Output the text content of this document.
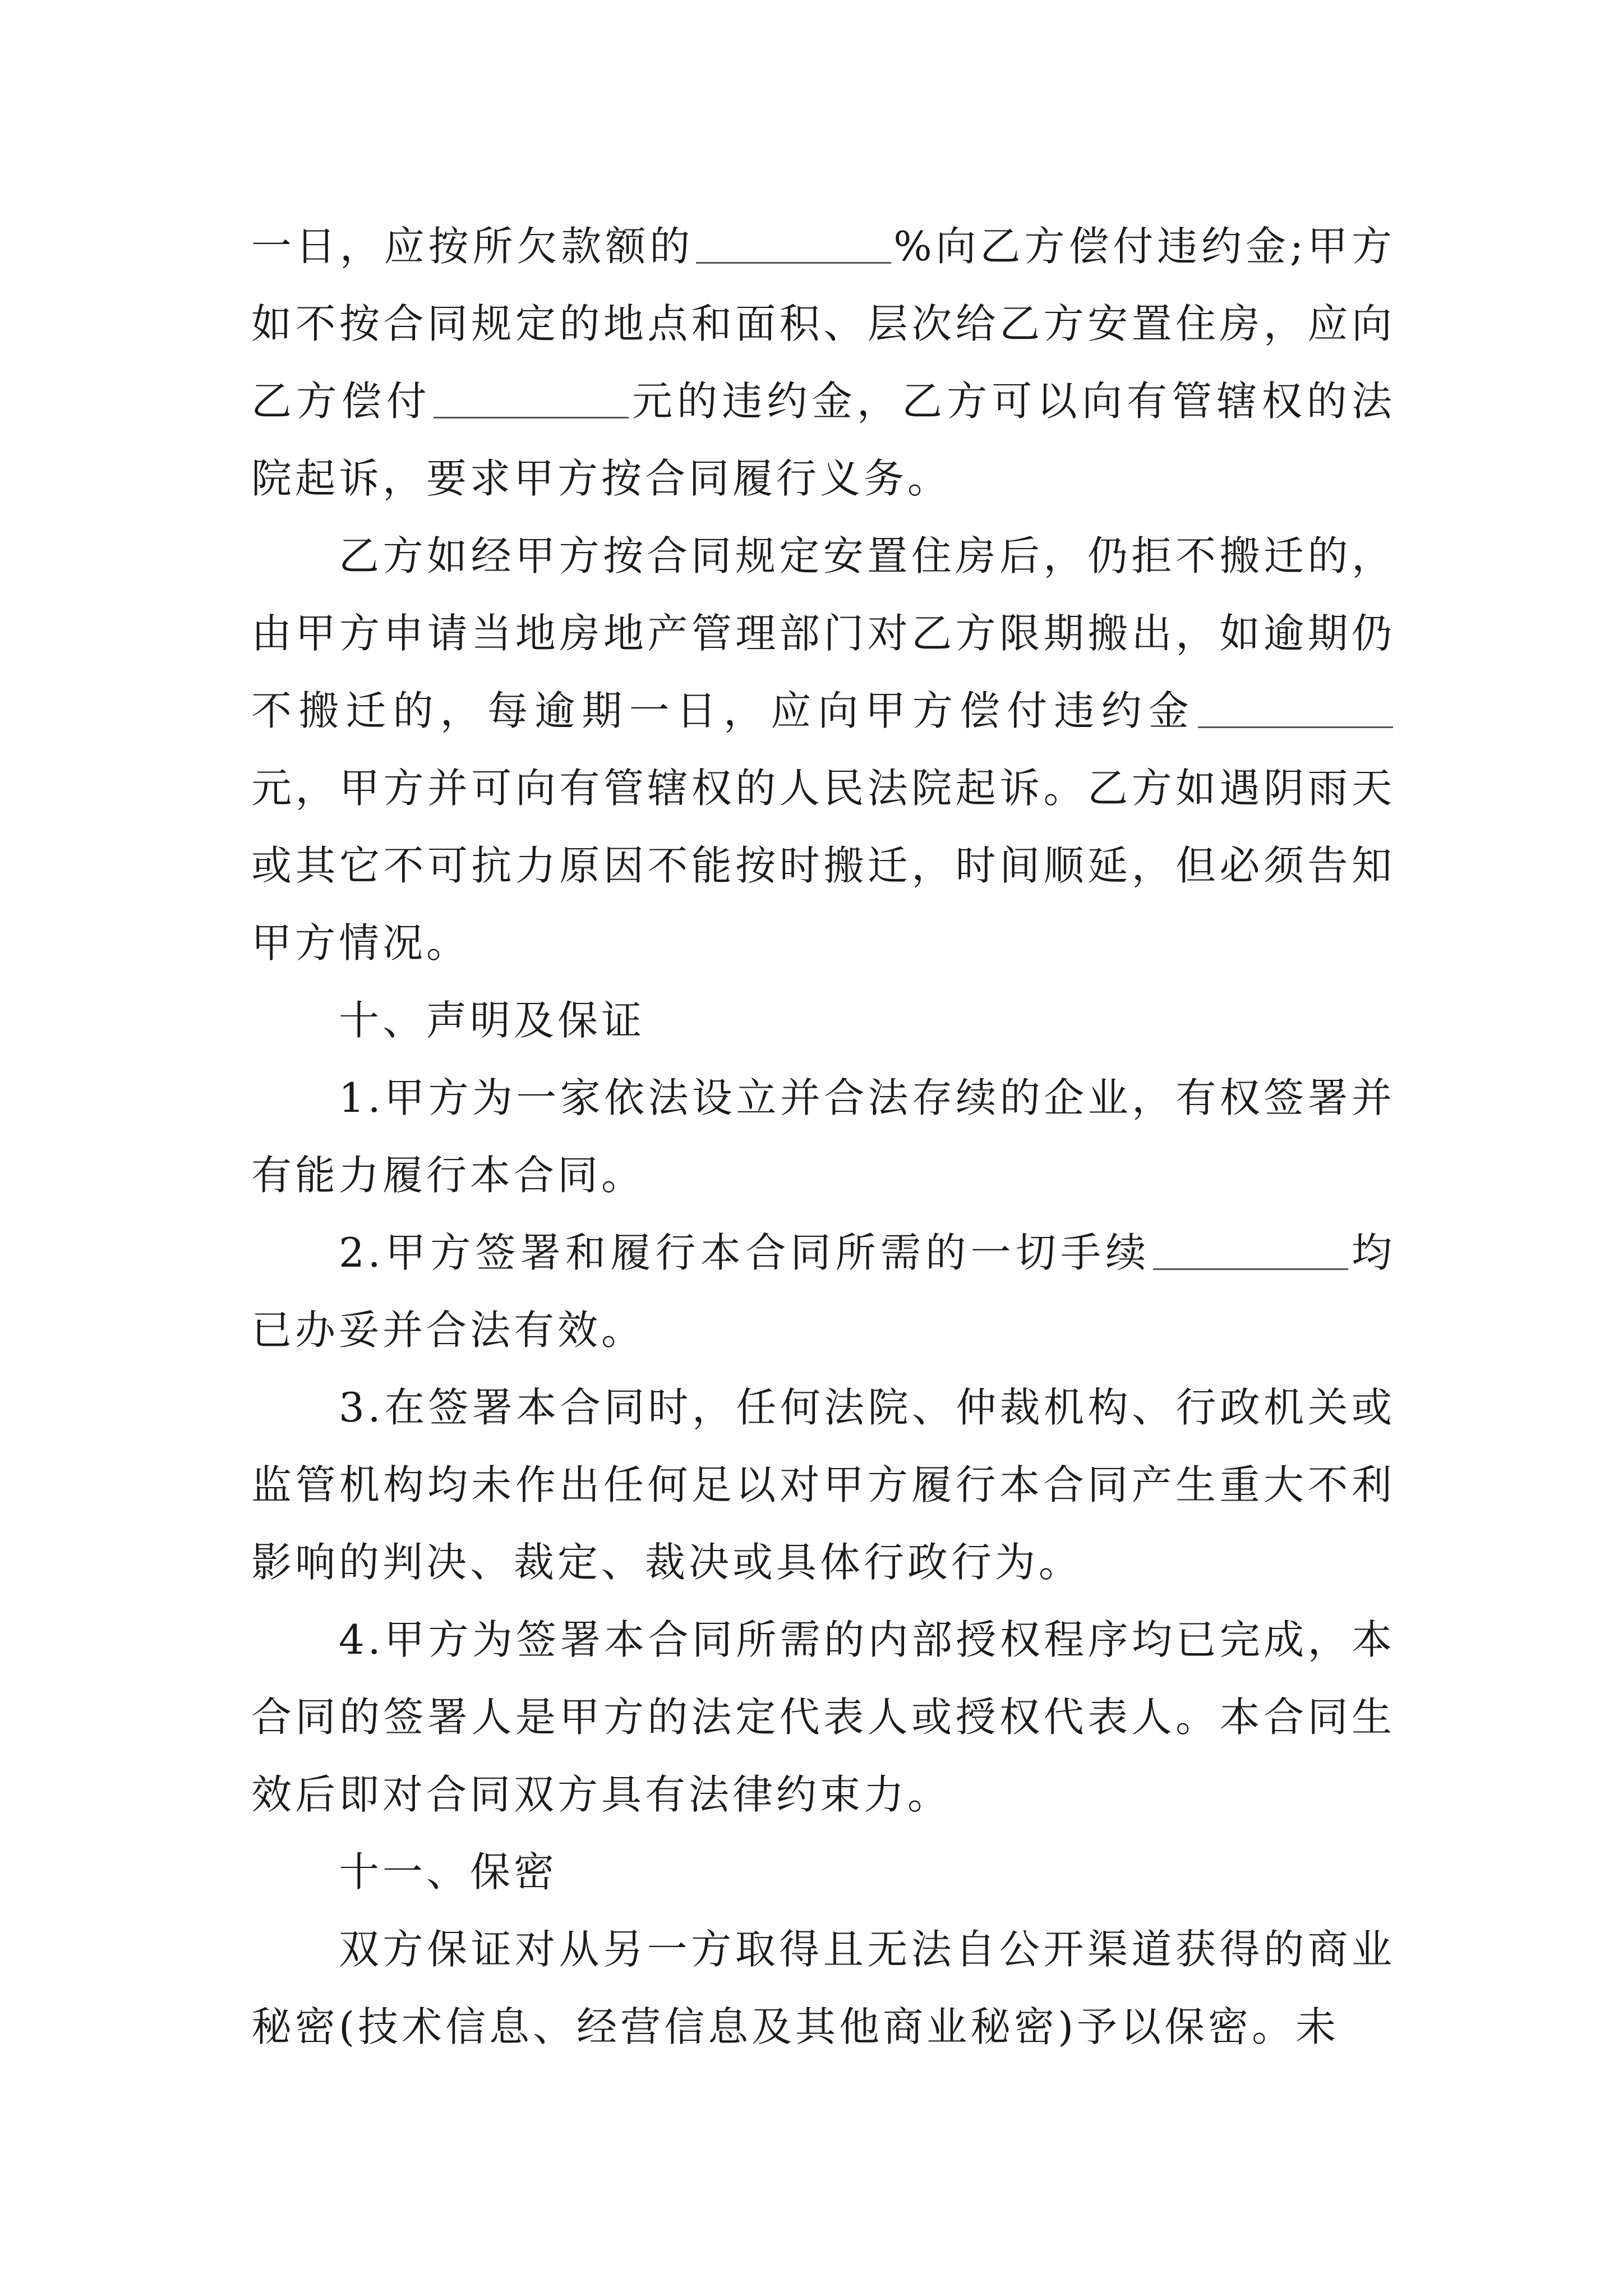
一日，应按所欠款额的	%向乙方偿付违约金;甲方如不按合同规定的地点和面积、层次给乙方安置住房，应向乙方偿付	元的违约金，乙方可以向有管辖权的法院起诉，要求甲方按合同履行义务。

乙方如经甲方按合同规定安置住房后，仍拒不搬迁的，由甲方申请当地房地产管理部门对乙方限期搬出，如逾期仍不搬迁的，每逾期一日，应向甲方偿付违约金元，甲方并可向有管辖权的人民法院起诉。乙方如遇阴雨天或其它不可抗力原因不能按时搬迁，时间顺延，但必须告知甲方情况。

十、声明及保证

1.甲方为一家依法设立并合法存续的企业，有权签署并有能力履行本合同。

2.甲方签署和履行本合同所需的一切手续	均已办妥并合法有效。

3.在签署本合同时，任何法院、仲裁机构、行政机关或监管机构均未作出任何足以对甲方履行本合同产生重大不利影响的判决、裁定、裁决或具体行政行为。

4.甲方为签署本合同所需的内部授权程序均已完成，本合同的签署人是甲方的法定代表人或授权代表人。本合同生效后即对合同双方具有法律约束力。

十一、保密

双方保证对从另一方取得且无法自公开渠道获得的商业秘密(技术信息、经营信息及其他商业秘密)予以保密。未
